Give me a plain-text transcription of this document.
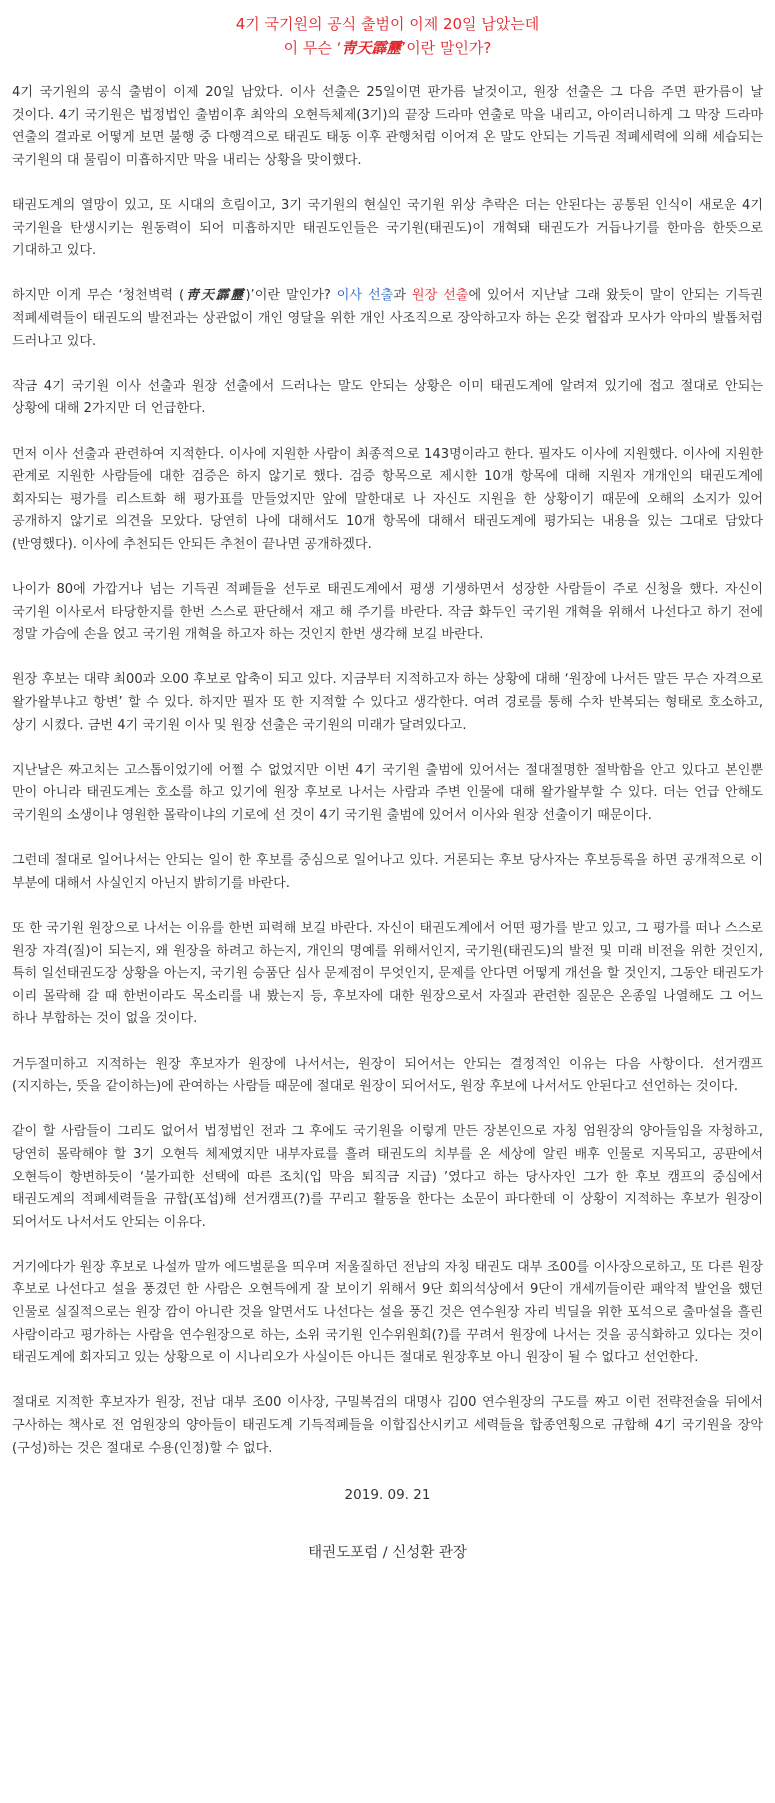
4기 국기원의 공식 출범이 이제 20일 남았는데
이 무슨 ‘靑天霹靂’이란 말인가?

4기 국기원의 공식 출범이 이제 20일 남았다. 이사 선출은 25일이면 판가름 날것이고, 원장 선출은 그 다음 주면 판가름이 날 것이다. 4기 국기원은 법정법인 출범이후 최악의 오현득체제(3기)의 끝장 드라마 연출로 막을 내리고, 아이러니하게 그 막장 드라마 연출의 결과로 어떻게 보면 불행 중 다행격으로 태권도 태동 이후 관행처럼 이어져 온 말도 안되는 기득권 적폐세력에 의해 세습되는 국기원의 대 물림이 미흡하지만 막을 내리는 상황을 맞이했다.

태권도계의 열망이 있고, 또 시대의 흐림이고, 3기 국기원의 현실인 국기원 위상 추락은 더는 안된다는 공통된 인식이 새로운 4기 국기원을 탄생시키는 원동력이 되어 미흡하지만 태권도인들은 국기원(태권도)이 개혁돼 태권도가 거듭나기를 한마음 한뜻으로 기대하고 있다.

하지만 이게 무슨 ‘청천벽력 (靑天霹靂)’이란 말인가? 이사 선출과 원장 선출에 있어서 지난날 그래 왔듯이 말이 안되는 기득권 적폐세력들이 태권도의 발전과는 상관없이 개인 영달을 위한 개인 사조직으로 장악하고자 하는 온갖 협잡과 모사가 악마의 발톱처럼 드러나고 있다.

작금 4기 국기원 이사 선출과 원장 선출에서 드러나는 말도 안되는 상황은 이미 태권도계에 알려져 있기에 접고 절대로 안되는 상황에 대해 2가지만 더 언급한다.

먼저 이사 선출과 관련하여 지적한다. 이사에 지원한 사람이 최종적으로 143명이라고 한다. 필자도 이사에 지원했다. 이사에 지원한 관계로 지원한 사람들에 대한 검증은 하지 않기로 했다. 검증 항목으로 제시한 10개 항목에 대해 지원자 개개인의 태권도계에 회자되는 평가를 리스트화 해 평가표를 만들었지만 앞에 말한대로 나 자신도 지원을 한 상황이기 때문에 오해의 소지가 있어 공개하지 않기로 의견을 모았다. 당연히 나에 대해서도 10개 항목에 대해서 태권도계에 평가되는 내용을 있는 그대로 담았다(반영했다). 이사에 추천되든 안되든 추천이 끝나면 공개하겠다.

나이가 80에 가깝거나 넘는 기득권 적폐들을 선두로 태권도계에서 평생 기생하면서 성장한 사람들이 주로 신청을 했다. 자신이 국기원 이사로서 타당한지를 한번 스스로 판단해서 재고 해 주기를 바란다. 작금 화두인 국기원 개혁을 위해서 나선다고 하기 전에 정말 가슴에 손을 얹고 국기원 개혁을 하고자 하는 것인지 한번 생각해 보길 바란다.

원장 후보는 대략 최00과 오00 후보로 압축이 되고 있다. 지금부터 지적하고자 하는 상황에 대해 ‘원장에 나서든 말든 무슨 자격으로 왈가왈부냐고 항변’ 할 수 있다. 하지만 필자 또 한 지적할 수 있다고 생각한다. 여려 경로를 통해 수차 반복되는 형태로 호소하고, 상기 시켰다. 금번 4기 국기원 이사 및 원장 선출은 국기원의 미래가 달려있다고.

지난날은 짜고치는 고스톱이었기에 어쩔 수 없었지만 이번 4기 국기원 출범에 있어서는 절대절명한 절박함을 안고 있다고 본인뿐 만이 아니라 태권도계는 호소를 하고 있기에 원장 후보로 나서는 사람과 주변 인물에 대해 왈가왈부할 수 있다. 더는 언급 안해도 국기원의 소생이냐 영원한 몰락이냐의 기로에 선 것이 4기 국기원 출범에 있어서 이사와 원장 선출이기 때문이다.

그런데 절대로 일어나서는 안되는 일이 한 후보를 중심으로 일어나고 있다. 거론되는 후보 당사자는 후보등록을 하면 공개적으로 이 부분에 대해서 사실인지 아닌지 밝히기를 바란다.

또 한 국기원 원장으로 나서는 이유를 한번 피력해 보길 바란다. 자신이 태권도계에서 어떤 평가를 받고 있고, 그 평가를 떠나 스스로 원장 자격(질)이 되는지, 왜 원장을 하려고 하는지, 개인의 명예를 위해서인지, 국기원(태권도)의 발전 및 미래 비전을 위한 것인지, 특히 일선태권도장 상황을 아는지, 국기원 승품단 심사 문제점이 무엇인지, 문제를 안다면 어떻게 개선을 할 것인지, 그동안 태권도가 이리 몰락해 갈 때 한번이라도 목소리를 내 봤는지 등, 후보자에 대한 원장으로서 자질과 관련한 질문은 온종일 나열해도 그 어느 하나 부합하는 것이 없을 것이다.

거두절미하고 지적하는 원장 후보자가 원장에 나서서는, 원장이 되어서는 안되는 결정적인 이유는 다음 사항이다. 선거캠프(지지하는, 뜻을 같이하는)에 관여하는 사람들 때문에 절대로 원장이 되어서도, 원장 후보에 나서서도 안된다고 선언하는 것이다.

같이 할 사람들이 그리도 없어서 법정법인 전과 그 후에도 국기원을 이렇게 만든 장본인으로 자칭 엄원장의 양아들임을 자청하고, 당연히 몰락해야 할 3기 오현득 체제였지만 내부자료를 흘려 태권도의 치부를 온 세상에 알린 배후 인물로 지목되고, 공판에서 오현득이 항변하듯이 ‘불가피한 선택에 따른 조치(입 막음 퇴직금 지급) ’였다고 하는 당사자인 그가 한 후보 캠프의 중심에서 태권도계의 적폐세력들을 규합(포섭)해 선거캠프(?)를 꾸리고 활동을 한다는 소문이 파다한데 이 상황이 지적하는 후보가 원장이 되어서도 나서서도 안되는 이유다.

거기에다가 원장 후보로 나설까 말까 에드벌룬을 띄우며 저울질하던 전남의 자칭 태권도 대부 조00를 이사장으로하고, 또 다른 원장 후보로 나선다고 설을 풍겼던 한 사람은 오현득에게 잘 보이기 위해서 9단 회의석상에서 9단이 개세끼들이란 패악적 발언을 했던 인물로 실질적으로는 원장 깜이 아니란 것을 알면서도 나선다는 설을 풍긴 것은 연수원장 자리 빅딜을 위한 포석으로 출마설을 흘린 사람이라고 평가하는 사람을 연수원장으로 하는, 소위 국기원 인수위원회(?)를 꾸려서 원장에 나서는 것을 공식화하고 있다는 것이 태권도계에 회자되고 있는 상황으로 이 시나리오가 사실이든 아니든 절대로 원장후보 아니 원장이 될 수 없다고 선언한다.

절대로 지적한 후보자가 원장, 전남 대부 조00 이사장, 구밀복검의 대명사 김00 연수원장의 구도를 짜고 이런 전략전술을 뒤에서 구사하는 책사로 전 엄원장의 양아들이 태권도계 기득적폐들을 이합집산시키고 세력들을 합종연횡으로 규합해 4기 국기원을 장악(구성)하는 것은 절대로 수용(인정)할 수 없다.

2019. 09. 21
태권도포럼 / 신성환 관장
